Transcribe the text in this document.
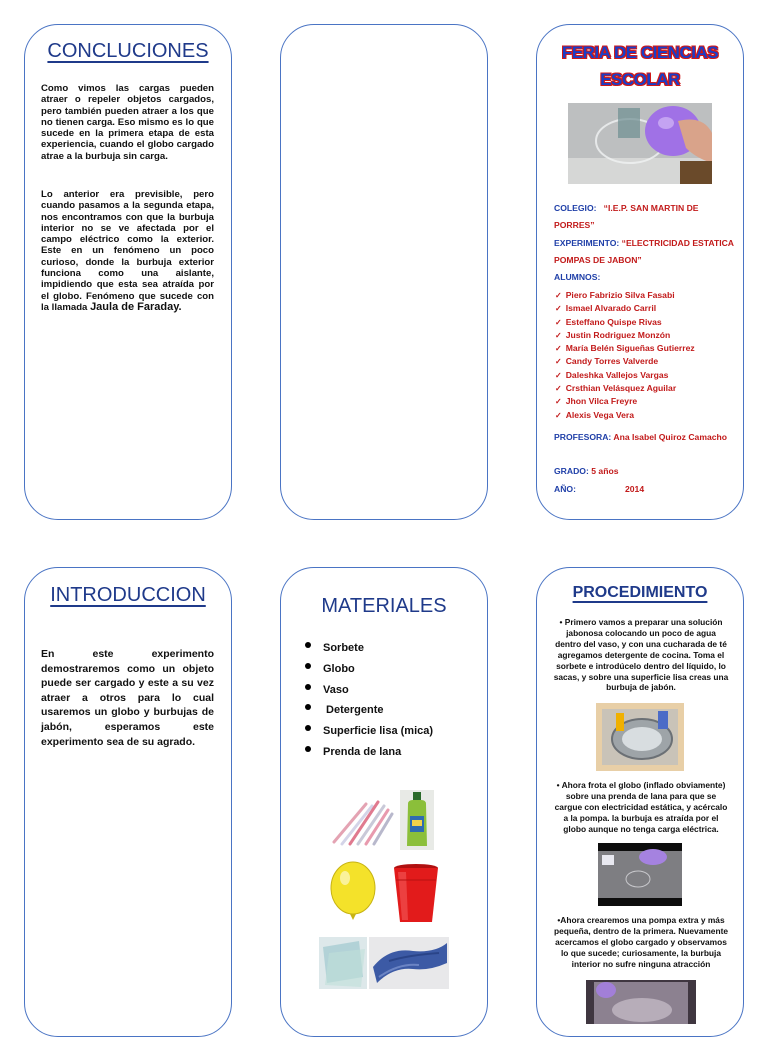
CONCLUCIONES
Como vimos las cargas pueden atraer o repeler objetos cargados, pero también pueden atraer a los que no tienen carga. Eso mismo es lo que sucede en la primera etapa de esta experiencia, cuando el globo cargado atrae a la burbuja sin carga.
Lo anterior era previsible, pero cuando pasamos a la segunda etapa, nos encontramos con que la burbuja interior no se ve afectada por el campo eléctrico como la exterior. Este en un fenómeno un poco curioso, donde la burbuja exterior funciona como una aislante, impidiendo que esta sea atraída por el globo. Fenómeno que sucede con la llamada Jaula de Faraday.
FERIA DE CIENCIAS
ESCOLAR
COLEGIO: “I.E.P. SAN MARTIN DE PORRES”
EXPERIMENTO: “ELECTRICIDAD ESTATICA POMPAS DE JABON”
ALUMNOS:
✓ Piero Fabrizio Silva Fasabi
✓ Ismael Alvarado Carril
✓ Esteffano Quispe Rivas
✓ Justin Rodriguez Monzón
✓ María Belén Sigueñas Gutierrez
✓ Candy Torres Valverde
✓ Daleshka Vallejos Vargas
✓ Crsthian Velásquez Aguilar
✓ Jhon Vilca Freyre
✓ Alexis Vega Vera
PROFESORA: Ana Isabel Quiroz Camacho
GRADO: 5 años
AÑO:	2014
INTRODUCCION
En este experimento demostraremos como un objeto puede ser cargado y este a su vez atraer a otros para lo cual usaremos un globo y burbujas de jabón, esperamos este experimento sea de su agrado.
MATERIALES
Sorbete
Globo
Vaso
Detergente
Superficie lisa (mica)
Prenda de lana
PROCEDIMIENTO
• Primero vamos a preparar una solución jabonosa colocando un poco de agua dentro del vaso, y con una cucharada de té agregamos detergente de cocina. Toma el sorbete e introdúcelo dentro del líquido, lo sacas, y sobre una superficie lisa creas una burbuja de jabón.
• Ahora frota el globo (inflado obviamente) sobre una prenda de lana para que se cargue con electricidad estática, y acércalo a la pompa. la burbuja es atraída por el globo aunque no tenga carga eléctrica.
•Ahora crearemos una pompa extra y más pequeña, dentro de la primera. Nuevamente acercamos el globo cargado y observamos lo que sucede; curiosamente, la burbuja interior no sufre ninguna atracción
